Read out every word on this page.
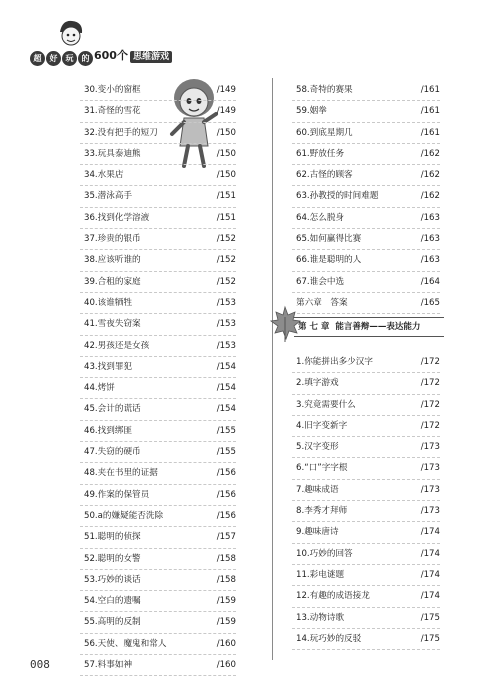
超 好 玩 的 600个 思维游戏
30.变小的窗框	/149
31.奇怪的雪花	/149
32.没有把手的短刀	/150
33.玩具泰迪熊	/150
34.水果店	/150
35.潜泳高手	/151
36.找到化学溶液	/151
37.珍贵的银币	/152
38.应该听谁的	/152
39.合租的家庭	/152
40.该谁牺牲	/153
41.雪夜失窃案	/153
42.男孩还是女孩	/153
43.找到罪犯	/154
44.烤饼	/154
45.会计的谎话	/154
46.找到绑匪	/155
47.失窃的硬币	/155
48.夹在书里的证据	/156
49.作案的保管员	/156
50.a的嫌疑能否洗除	/156
51.聪明的侦探	/157
52.聪明的女警	/158
53.巧妙的谈话	/158
54.空白的遗嘱	/159
55.高明的反制	/159
56.天使、魔鬼和常人	/160
57.料事如神	/160
58.奇特的赛果	/161
59.姻拳	/161
60.到底星期几	/161
61.野放任务	/162
62.古怪的顾客	/162
63.孙教授的时间难题	/162
64.怎么脱身	/163
65.如何赢得比赛	/163
66.谁是聪明的人	/163
67.谁会中选	/164
第六章　答案	/165
第 七 章 能言善辩——表达能力
1.你能拼出多少汉字	/172
2.填字游戏	/172
3.究竟需要什么	/172
4.旧字变新字	/172
5.汉字变形	/173
6.“口”字字根	/173
7.趣味成语	/173
8.李秀才拜师	/173
9.趣味唐诗	/174
10.巧妙的回答	/174
11.彩电谜题	/174
12.有趣的成语接龙	/174
13.动物诗歌	/175
14.玩巧妙的反驳	/175
008
